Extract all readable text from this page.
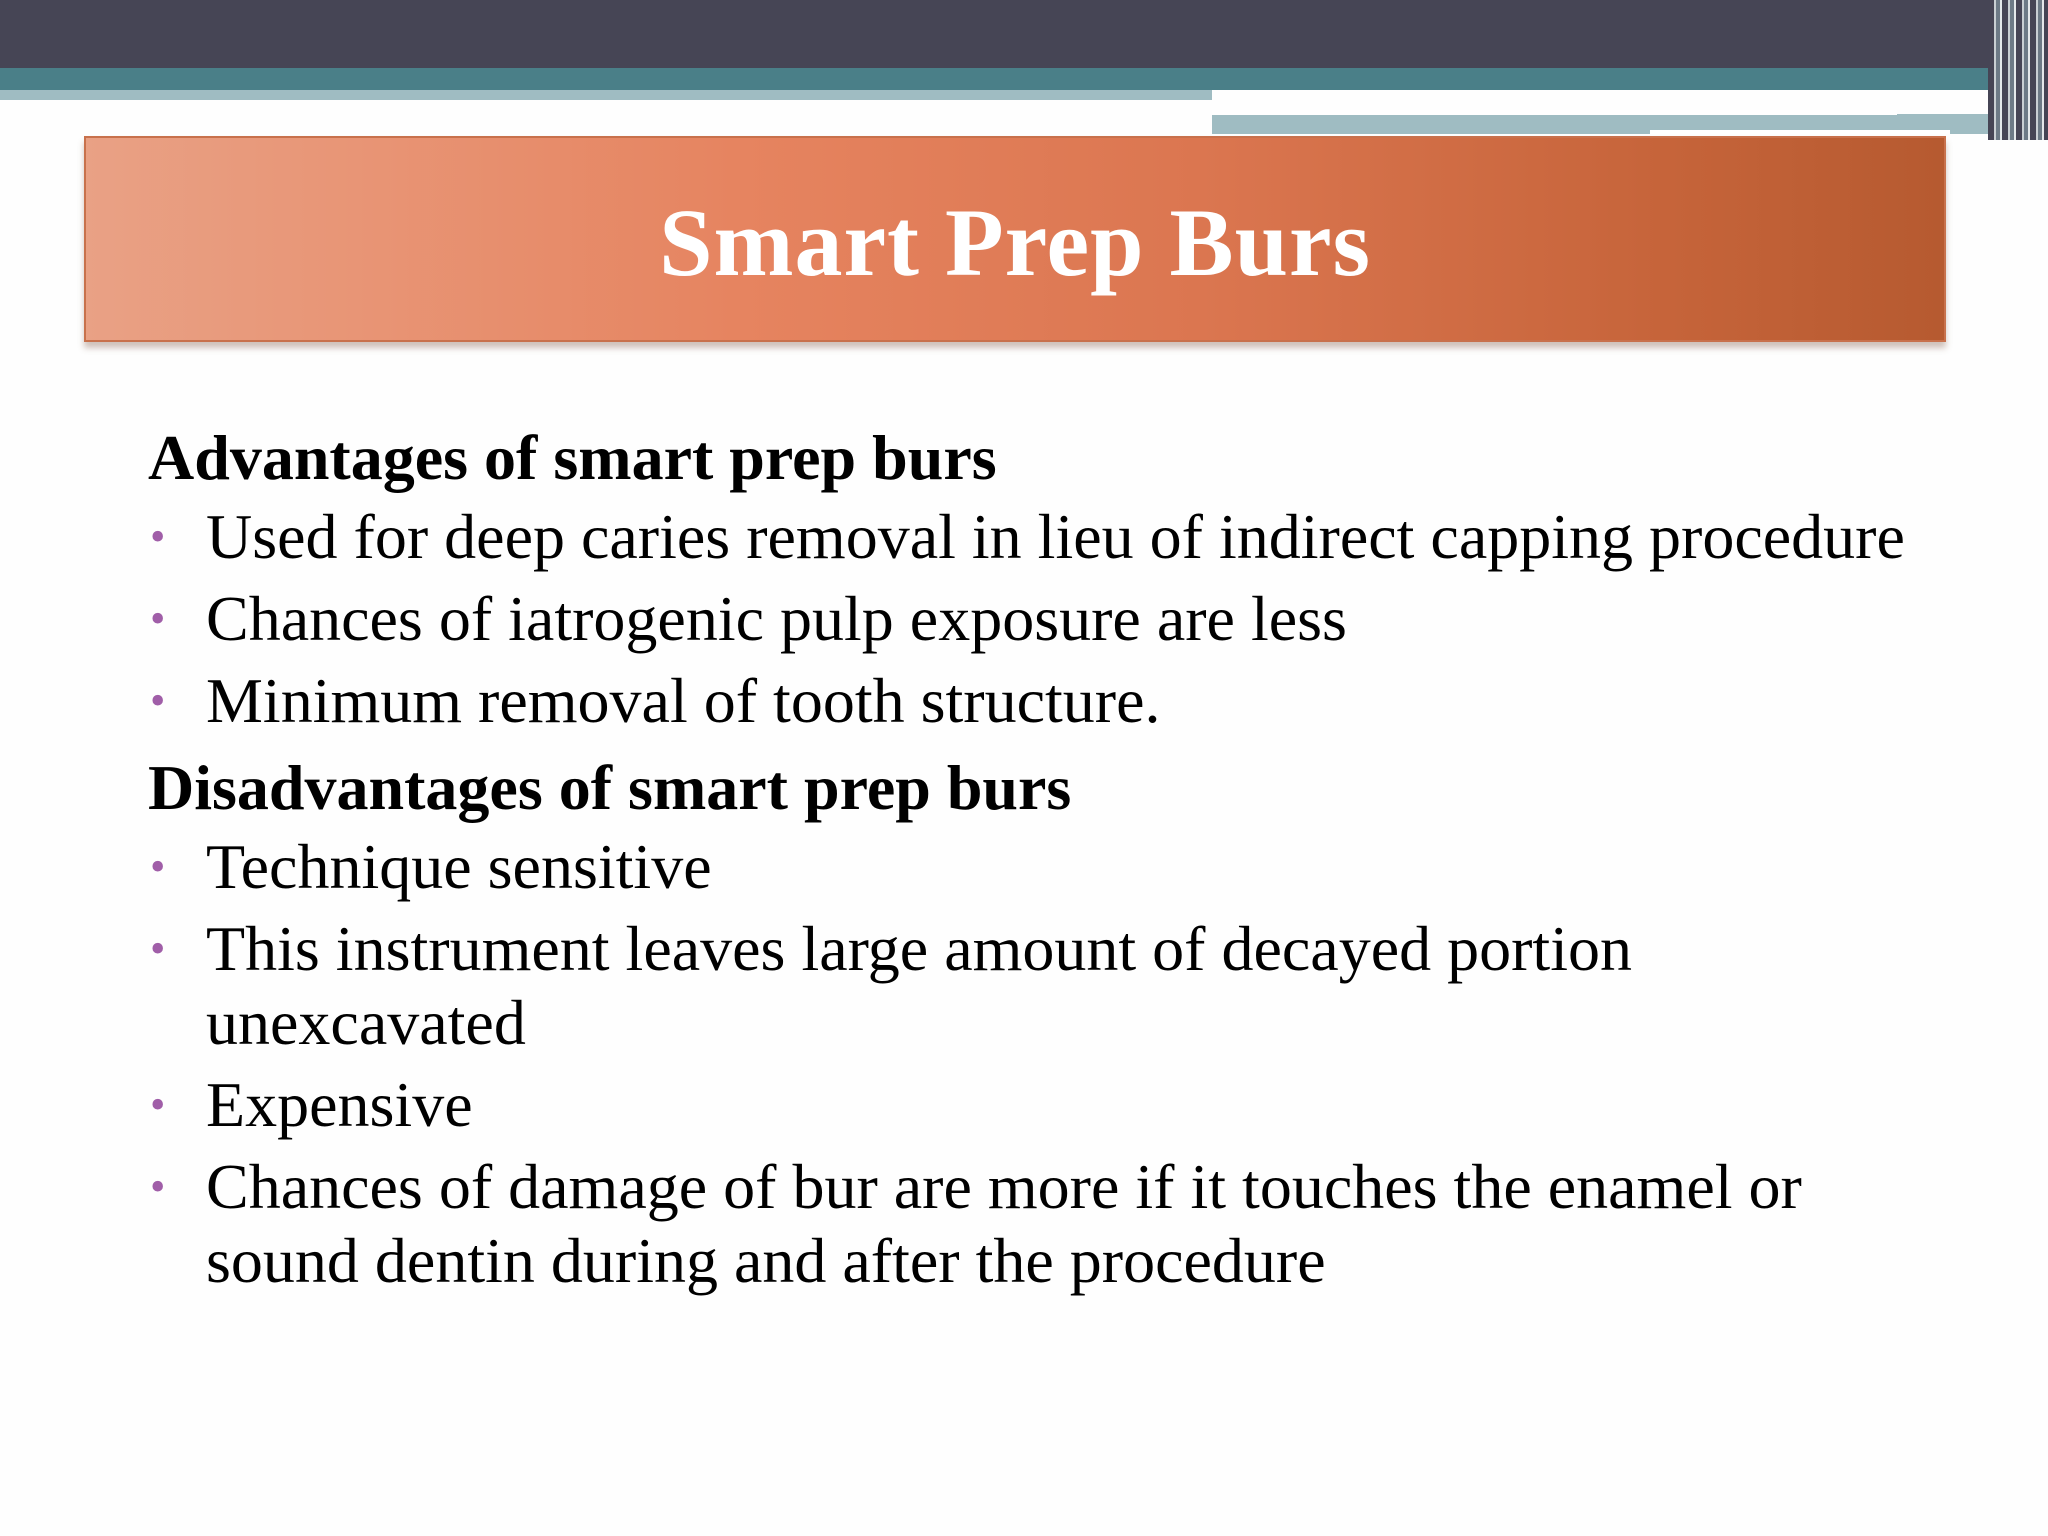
Smart Prep Burs

Advantages of smart prep burs

• Used for deep caries removal in lieu of indirect capping procedure
• Chances of iatrogenic pulp exposure are less
• Minimum removal of tooth structure.

Disadvantages of smart prep burs

• Technique sensitive
• This instrument leaves large amount of decayed portion unexcavated
• Expensive
• Chances of damage of bur are more if it touches the enamel or sound dentin during and after the procedure
